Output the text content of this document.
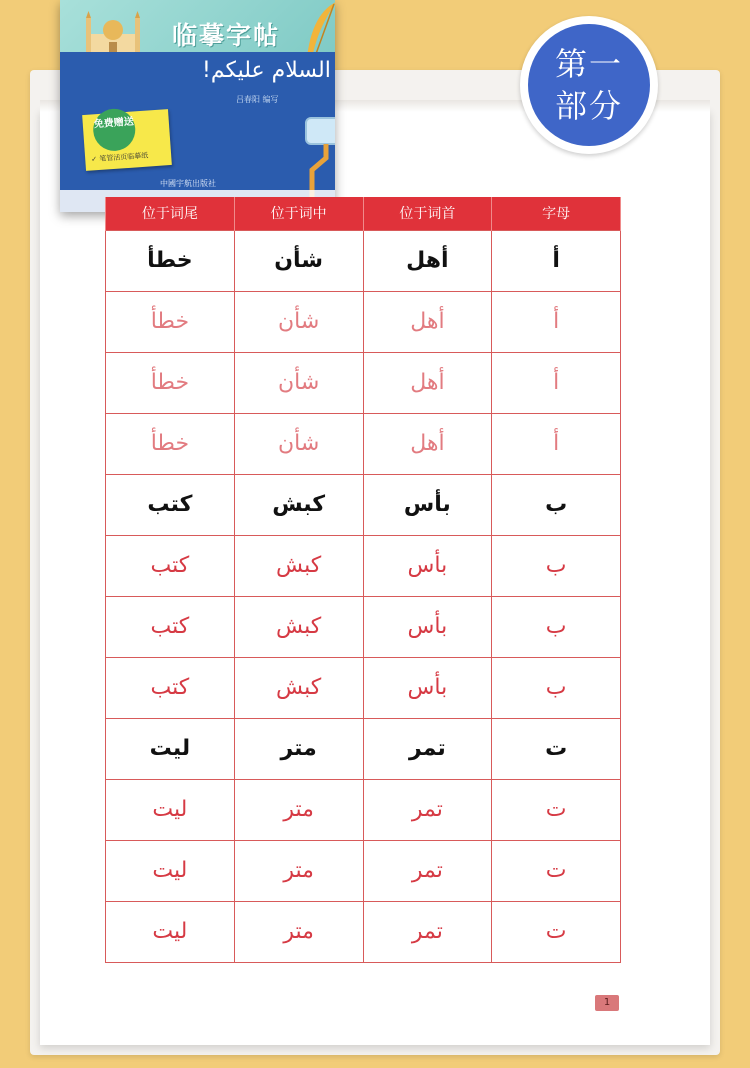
临摹字帖
السلام عليكم!
吕春阳 编写
免费赠送
✓ 笔管活页临摹纸
中國宇航出版社
第一
部分
位于词尾	位于词中	位于词首	字母
خطأ	شأن	أهل	أ
خطأ	شأن	أهل	أ
خطأ	شأن	أهل	أ
خطأ	شأن	أهل	أ
كتب	كبش	بأس	ب
كتب	كبش	بأس	ب
كتب	كبش	بأس	ب
كتب	كبش	بأس	ب
ليت	متر	تمر	ت
ليت	متر	تمر	ت
ليت	متر	تمر	ت
ليت	متر	تمر	ت
1
